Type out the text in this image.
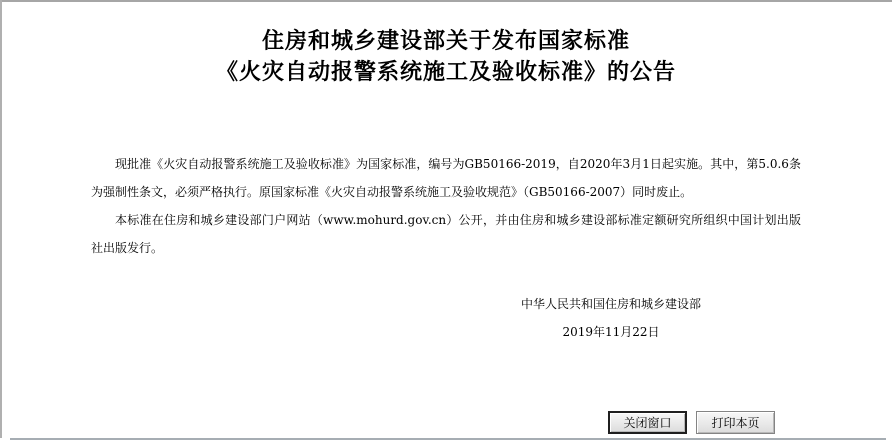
住房和城乡建设部关于发布国家标准
《火灾自动报警系统施工及验收标准》的公告

现批准《火灾自动报警系统施工及验收标准》为国家标准，编号为GB50166-2019，自2020年3月1日起实施。其中，第5.0.6条为强制性条文，必须严格执行。原国家标准《火灾自动报警系统施工及验收规范》（GB50166-2007）同时废止。

本标准在住房和城乡建设部门户网站（www.mohurd.gov.cn）公开，并由住房和城乡建设部标准定额研究所组织中国计划出版社出版发行。

中华人民共和国住房和城乡建设部
2019年11月22日
关闭窗口	打印本页
